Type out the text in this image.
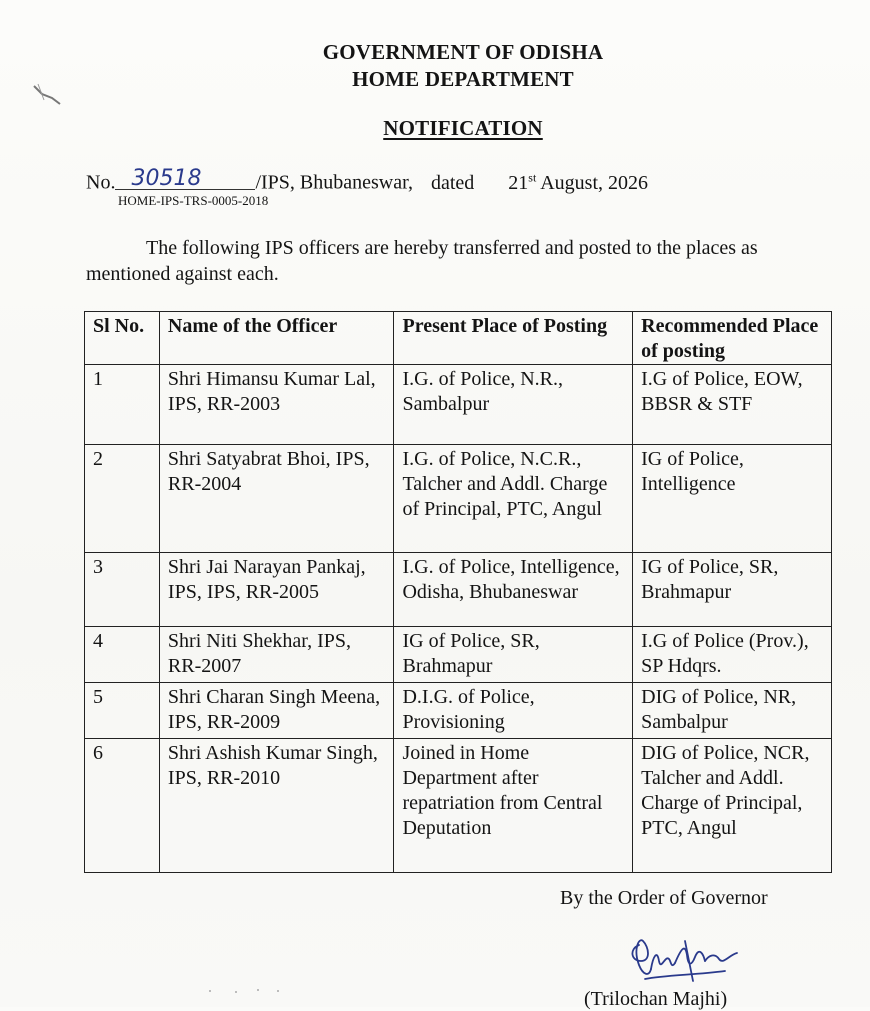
GOVERNMENT OF ODISHA
HOME DEPARTMENT
NOTIFICATION
No. 30518	/IPS, Bhubaneswar, dated 21st August, 2026
HOME-IPS-TRS-0005-2018
The following IPS officers are hereby transferred and posted to the places as mentioned against each.
Sl No.	Name of the Officer	Present Place of Posting	Recommended Place of posting
1	Shri Himansu Kumar Lal, IPS, RR-2003	I.G. of Police, N.R., Sambalpur	I.G of Police, EOW, BBSR & STF
2	Shri Satyabrat Bhoi, IPS, RR-2004	I.G. of Police, N.C.R., Talcher and Addl. Charge of Principal, PTC, Angul	IG of Police, Intelligence
3	Shri Jai Narayan Pankaj, IPS, IPS, RR-2005	I.G. of Police, Intelligence, Odisha, Bhubaneswar	IG of Police, SR, Brahmapur
4	Shri Niti Shekhar, IPS, RR-2007	IG of Police, SR, Brahmapur	I.G of Police (Prov.), SP Hdqrs.
5	Shri Charan Singh Meena, IPS, RR-2009	D.I.G. of Police, Provisioning	DIG of Police, NR, Sambalpur
6	Shri Ashish Kumar Singh, IPS, RR-2010	Joined in Home Department after repatriation from Central Deputation	DIG of Police, NCR, Talcher and Addl. Charge of Principal, PTC, Angul
By the Order of Governor
(Trilochan Majhi)
